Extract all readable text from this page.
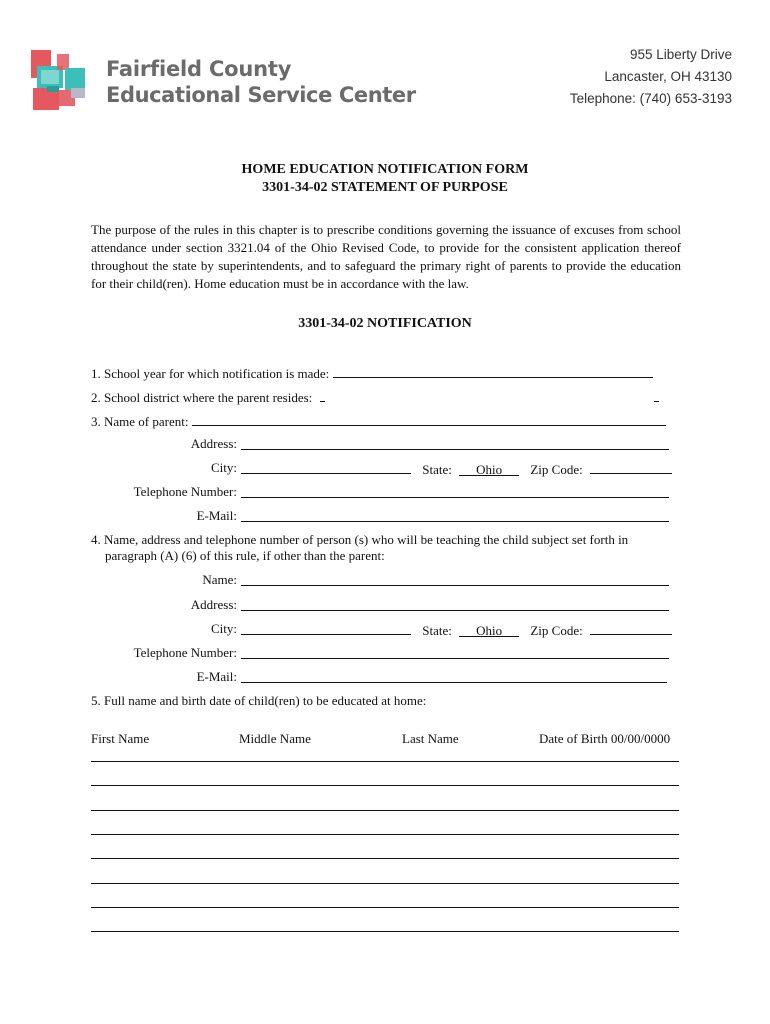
Fairfield County
Educational Service Center
955 Liberty Drive
Lancaster, OH 43130
Telephone: (740) 653-3193
HOME EDUCATION NOTIFICATION FORM
3301-34-02 STATEMENT OF PURPOSE
The purpose of the rules in this chapter is to prescribe conditions governing the issuance of excuses from school attendance under section 3321.04 of the Ohio Revised Code, to provide for the consistent application thereof throughout the state by superintendents, and to safeguard the primary right of parents to provide the education for their child(ren). Home education must be in accordance with the law.
3301-34-02 NOTIFICATION
1. School year for which notification is made:
2. School district where the parent resides:
3. Name of parent:
Address:
City:	State: Ohio Zip Code:
Telephone Number:
E-Mail:
4. Name, address and telephone number of person (s) who will be teaching the child subject set forth in
paragraph (A) (6) of this rule, if other than the parent:
Name:
Address:
City:	State: Ohio Zip Code:
Telephone Number:
E-Mail:
5. Full name and birth date of child(ren) to be educated at home:
First Name	Middle Name	Last Name	Date of Birth 00/00/0000
